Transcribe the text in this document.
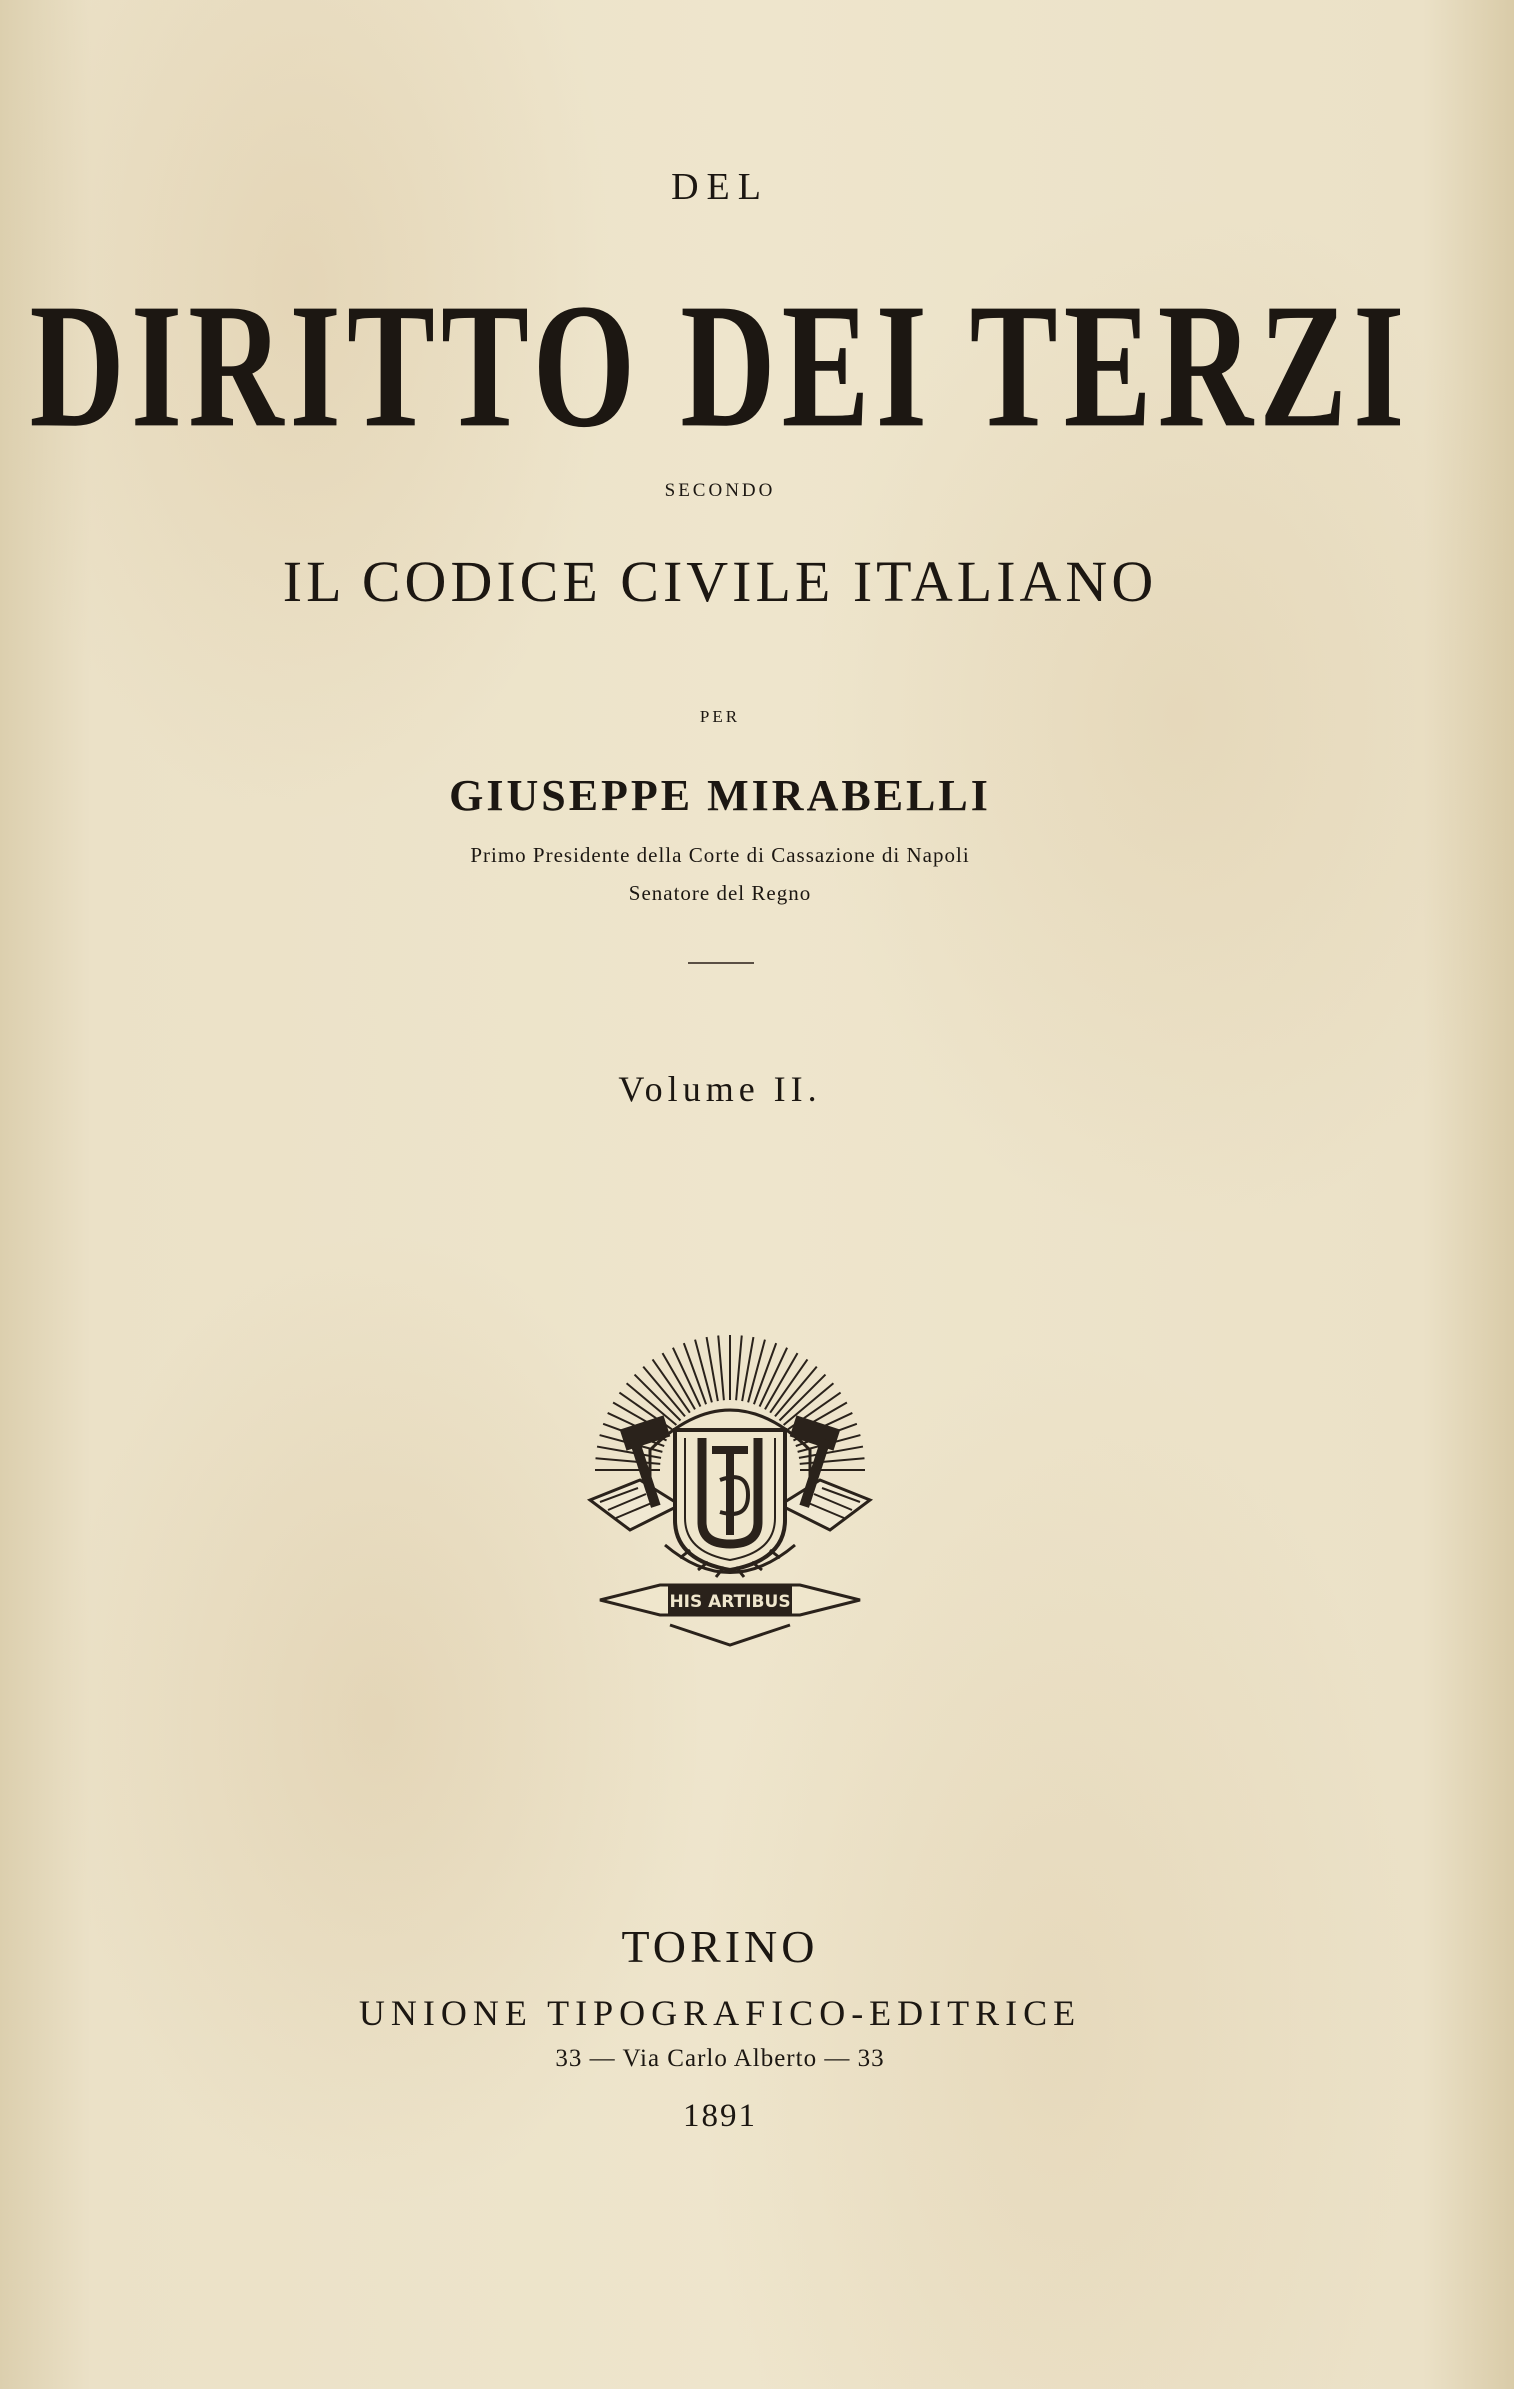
DEL
DIRITTO DEI TERZI
SECONDO
IL CODICE CIVILE ITALIANO
PER
GIUSEPPE MIRABELLI
Primo Presidente della Corte di Cassazione di Napoli
Senatore del Regno
Volume II.
HIS ARTIBUS
TORINO
UNIONE TIPOGRAFICO-EDITRICE
33 — Via Carlo Alberto — 33
1891
